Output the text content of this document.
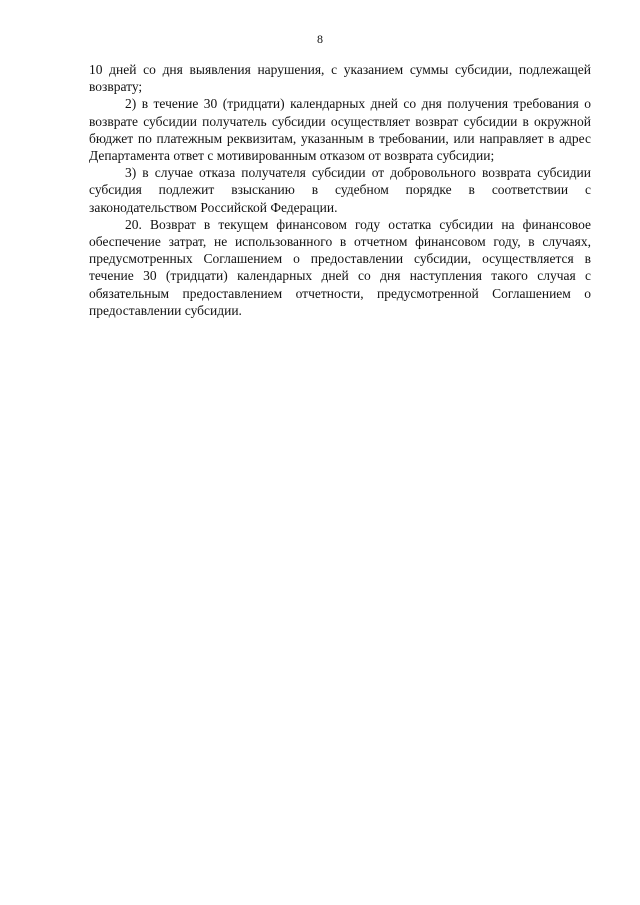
8

10 дней со дня выявления нарушения, с указанием суммы субсидии, подлежащей возврату;

2) в течение 30 (тридцати) календарных дней со дня получения требования о возврате субсидии получатель субсидии осуществляет возврат субсидии в окружной бюджет по платежным реквизитам, указанным в требовании, или направляет в адрес Департамента ответ с мотивированным отказом от возврата субсидии;

3) в случае отказа получателя субсидии от добровольного возврата субсидии субсидия подлежит взысканию в судебном порядке в соответствии с законодательством Российской Федерации.

20. Возврат в текущем финансовом году остатка субсидии на финансовое обеспечение затрат, не использованного в отчетном финансовом году, в случаях, предусмотренных Соглашением о предоставлении субсидии, осуществляется в течение 30 (тридцати) календарных дней со дня наступления такого случая с обязательным предоставлением отчетности, предусмотренной Соглашением о предоставлении субсидии.
